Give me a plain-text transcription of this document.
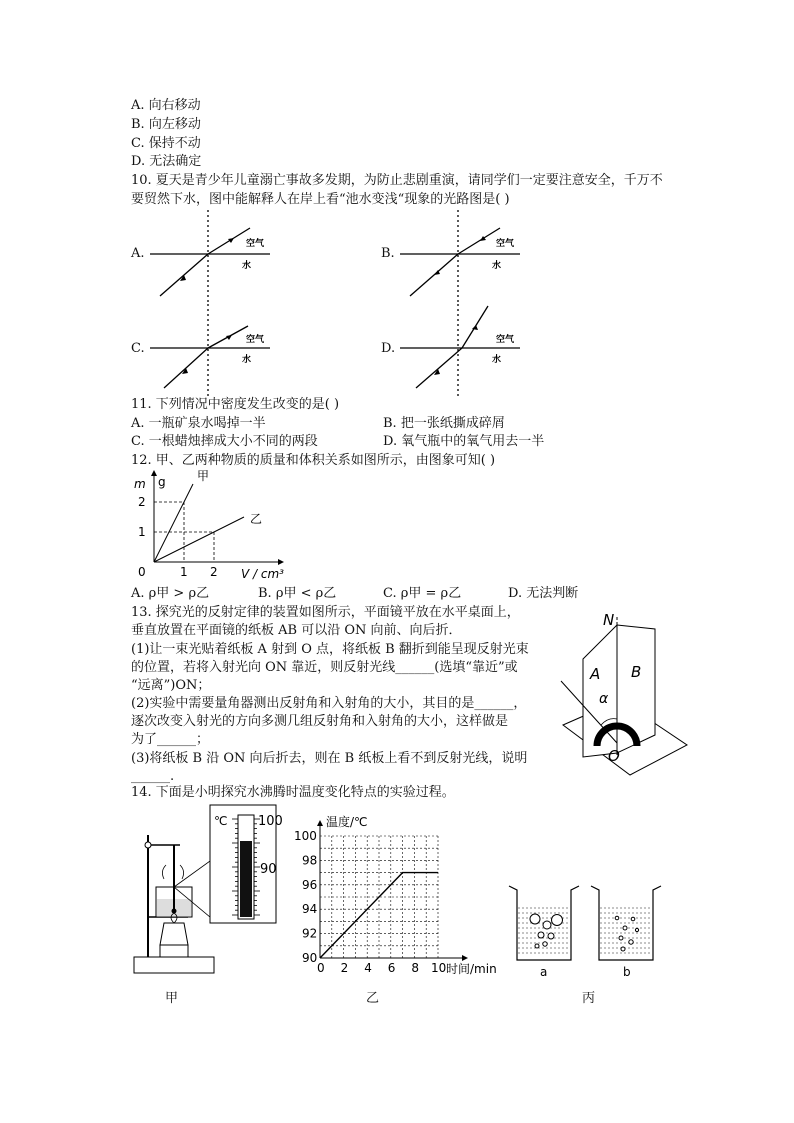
A. 向右移动
B. 向左移动
C. 保持不动
D. 无法确定
10. 夏天是青少年儿童溺亡事故多发期，为防止悲剧重演，请同学们一定要注意安全，千万不
要贸然下水，图中能解释人在岸上看“池水变浅“现象的光路图是( )
A.	B.
C.	D.
空气
水
空气
水
空气
水
空气
水
11. 下列情况中密度发生改变的是( )
A. 一瓶矿泉水喝掉一半	B. 把一张纸撕成碎屑
C. 一根蜡烛摔成大小不同的两段	D. 氧气瓶中的氧气用去一半
12. 甲、乙两种物质的质量和体积关系如图所示，由图象可知( )
m g
V / cm³
0	1 2
1
2
甲
乙
A. ρ甲 > ρ乙	B. ρ甲 < ρ乙	C. ρ甲 = ρ乙	D. 无法判断
13. 探究光的反射定律的装置如图所示，平面镜平放在水平桌面上，
垂直放置在平面镜的纸板 AB 可以沿 ON 向前、向后折．
(1)让一束光贴着纸板 A 射到 O 点，将纸板 B 翻折到能呈现反射光束
的位置，若将入射光向 ON 靠近，则反射光线______(选填“靠近”或
“远离”)ON；
(2)实验中需要量角器测出反射角和入射角的大小，其目的是______，
逐次改变入射光的方向多测几组反射角和入射角的大小，这样做是
为了______；
(3)将纸板 B 沿 ON 向后折去，则在 B 纸板上看不到反射光线，说明
______.
N
A B
α
O
14. 下面是小明探究水沸腾时温度变化特点的实验过程。
℃ 100
90
温度/℃
时间/min
0 2 4 6 8 10
90
92
94
96
98
100
a	b
甲	乙	丙
